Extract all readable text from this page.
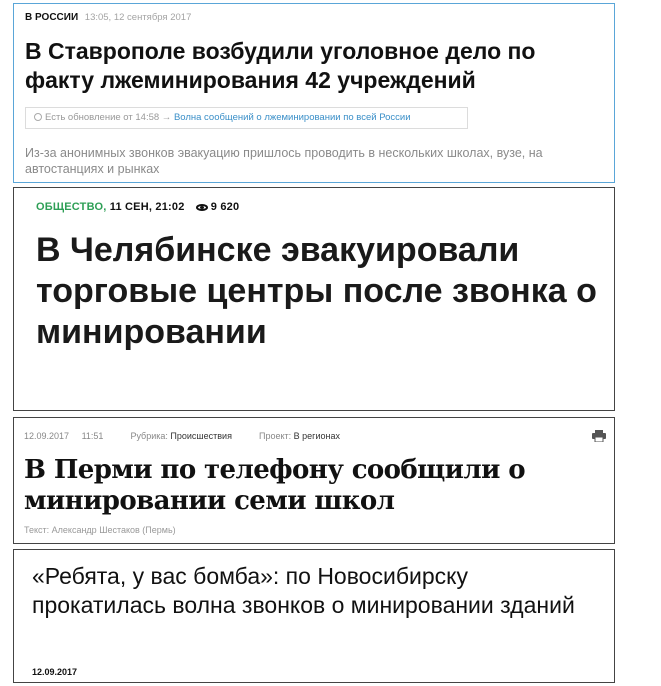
В РОССИИ 13:05, 12 сентября 2017
В Ставрополе возбудили уголовное дело по факту лжеминирования 42 учреждений
Есть обновление от 14:58 → Волна сообщений о лжеминировании по всей России

Из-за анонимных звонков эвакуацию пришлось проводить в нескольких школах, вузе, на автостанциях и рынках

ОБЩЕСТВО, 11 СЕН, 21:02 9 620
В Челябинске эвакуировали торговые центры после звонка о минировании
12.09.2017 11:51	Рубрика: Происшествия	Проект: В регионах
В Перми по телефону сообщили о минировании семи школ
Текст: Александр Шестаков (Пермь)
«Ребята, у вас бомба»: по Новосибирску прокатилась волна звонков о минировании зданий
12.09.2017
